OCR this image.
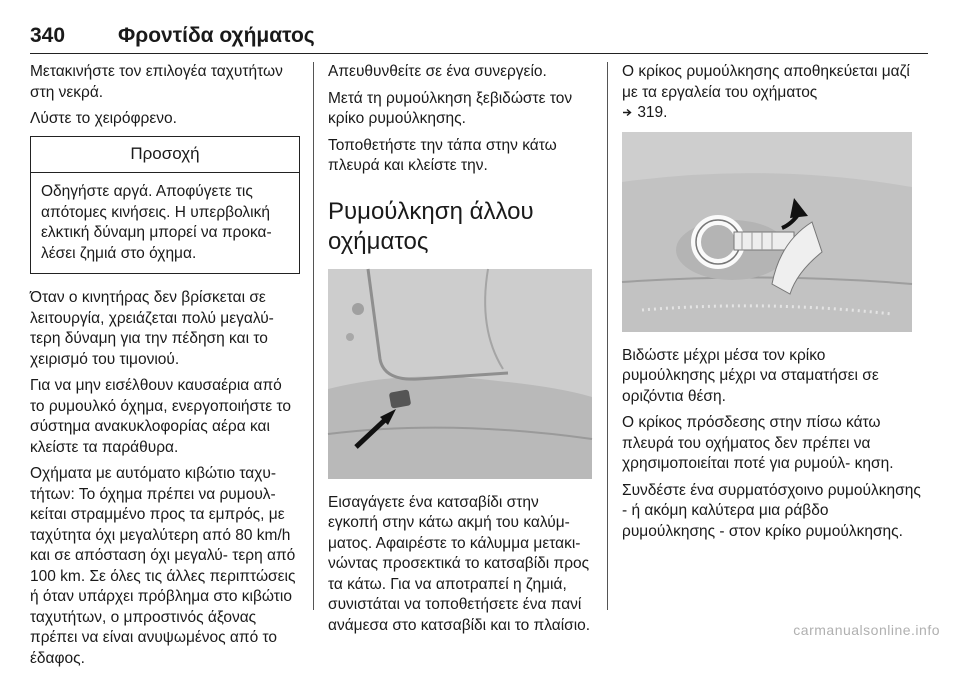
340	Φροντίδα οχήματος

Μετακινήστε τον επιλογέα ταχυτήτων στη νεκρά.

Λύστε το χειρόφρενο.

Προσοχή
Οδηγήστε αργά. Αποφύγετε τις απότομες κινήσεις. Η υπερβολική ελκτική δύναμη μπορεί να προκα‑ λέσει ζημιά στο όχημα.

Όταν ο κινητήρας δεν βρίσκεται σε λειτουργία, χρειάζεται πολύ μεγαλύ‑ τερη δύναμη για την πέδηση και το χειρισμό του τιμονιού.

Για να μην εισέλθουν καυσαέρια από το ρυμουλκό όχημα, ενεργοποιήστε το σύστημα ανακυκλοφορίας αέρα και κλείστε τα παράθυρα.

Οχήματα με αυτόματο κιβώτιο ταχυ‑ τήτων: Το όχημα πρέπει να ρυμουλ‑ κείται στραμμένο προς τα εμπρός, με ταχύτητα όχι μεγαλύτερη από 80 km/h και σε απόσταση όχι μεγαλύ‑ τερη από 100 km. Σε όλες τις άλλες περιπτώσεις ή όταν υπάρχει πρόβλημα στο κιβώτιο ταχυτήτων, ο μπροστινός άξονας πρέπει να είναι ανυψωμένος από το έδαφος.

Απευθυνθείτε σε ένα συνεργείο.

Μετά τη ρυμούλκηση ξεβιδώστε τον κρίκο ρυμούλκησης.

Τοποθετήστε την τάπα στην κάτω πλευρά και κλείστε την.

Ρυμούλκηση άλλου οχήματος

Εισαγάγετε ένα κατσαβίδι στην εγκοπή στην κάτω ακμή του καλύμ‑ ματος. Αφαιρέστε το κάλυμμα μετακι‑ νώντας προσεκτικά το κατσαβίδι προς τα κάτω. Για να αποτραπεί η ζημιά, συνιστάται να τοποθετήσετε ένα πανί ανάμεσα στο κατσαβίδι και το πλαίσιο.

Ο κρίκος ρυμούλκησης αποθηκεύεται μαζί με τα εργαλεία του οχήματος
319.

Βιδώστε μέχρι μέσα τον κρίκο ρυμούλκησης μέχρι να σταματήσει σε οριζόντια θέση.

Ο κρίκος πρόσδεσης στην πίσω κάτω πλευρά του οχήματος δεν πρέπει να χρησιμοποιείται ποτέ για ρυμούλ‑ κηση.

Συνδέστε ένα συρματόσχοινο ρυμούλκησης ‑ ή ακόμη καλύτερα μια ράβδο ρυμούλκησης ‑ στον κρίκο ρυμούλκησης.

carmanualsonline.info
